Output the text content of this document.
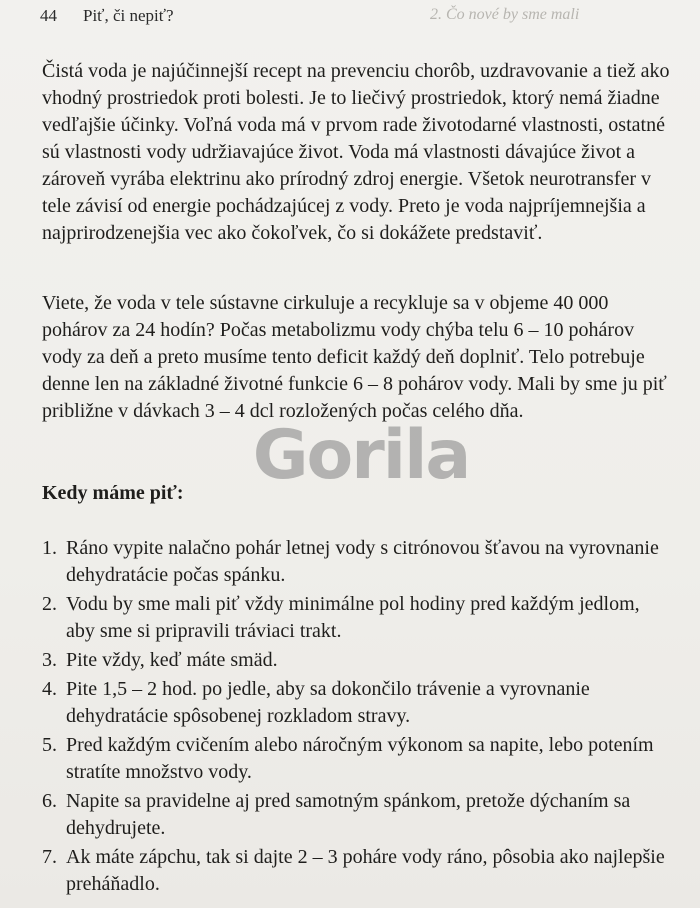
44 Piť, či nepiť?	2. Čo nové by sme mali

Čistá voda je najúčinnejší recept na prevenciu chorôb, uzdravovanie a tiež ako vhodný prostriedok proti bolesti. Je to liečivý prostriedok, ktorý nemá žiadne vedľajšie účinky. Voľná voda má v prvom rade životodarné vlastnosti, ostatné sú vlastnosti vody udržiavajúce život. Voda má vlastnosti dávajúce život a zároveň vyrába elektrinu ako prírodný zdroj energie. Všetok neurotransfer v tele závisí od energie pochádzajúcej z vody. Preto je voda najpríjemnejšia a najprirodzenejšia vec ako čokoľvek, čo si dokážete predstaviť.

Viete, že voda v tele sústavne cirkuluje a recykluje sa v objeme 40 000 pohárov za 24 hodín? Počas metabolizmu vody chýba telu 6 – 10 pohárov vody za deň a preto musíme tento deficit každý deň doplniť. Telo potrebuje denne len na základné životné funkcie 6 – 8 pohárov vody. Mali by sme ju piť približne v dávkach 3 – 4 dcl rozložených počas celého dňa.

Kedy máme piť:
1. Ráno vypite nalačno pohár letnej vody s citrónovou šťavou na vyrovnanie dehydratácie počas spánku.
2. Vodu by sme mali piť vždy minimálne pol hodiny pred každým jedlom, aby sme si pripravili tráviaci trakt.
3. Pite vždy, keď máte smäd.
4. Pite 1,5 – 2 hod. po jedle, aby sa dokončilo trávenie a vyrovnanie dehydratácie spôsobenej rozkladom stravy.
5. Pred každým cvičením alebo náročným výkonom sa napite, lebo potením stratíte množstvo vody.
6. Napite sa pravidelne aj pred samotným spánkom, pretože dýchaním sa dehydrujete.
7. Ak máte zápchu, tak si dajte 2 – 3 poháre vody ráno, pôsobia ako najlepšie preháňadlo.
Gorila
